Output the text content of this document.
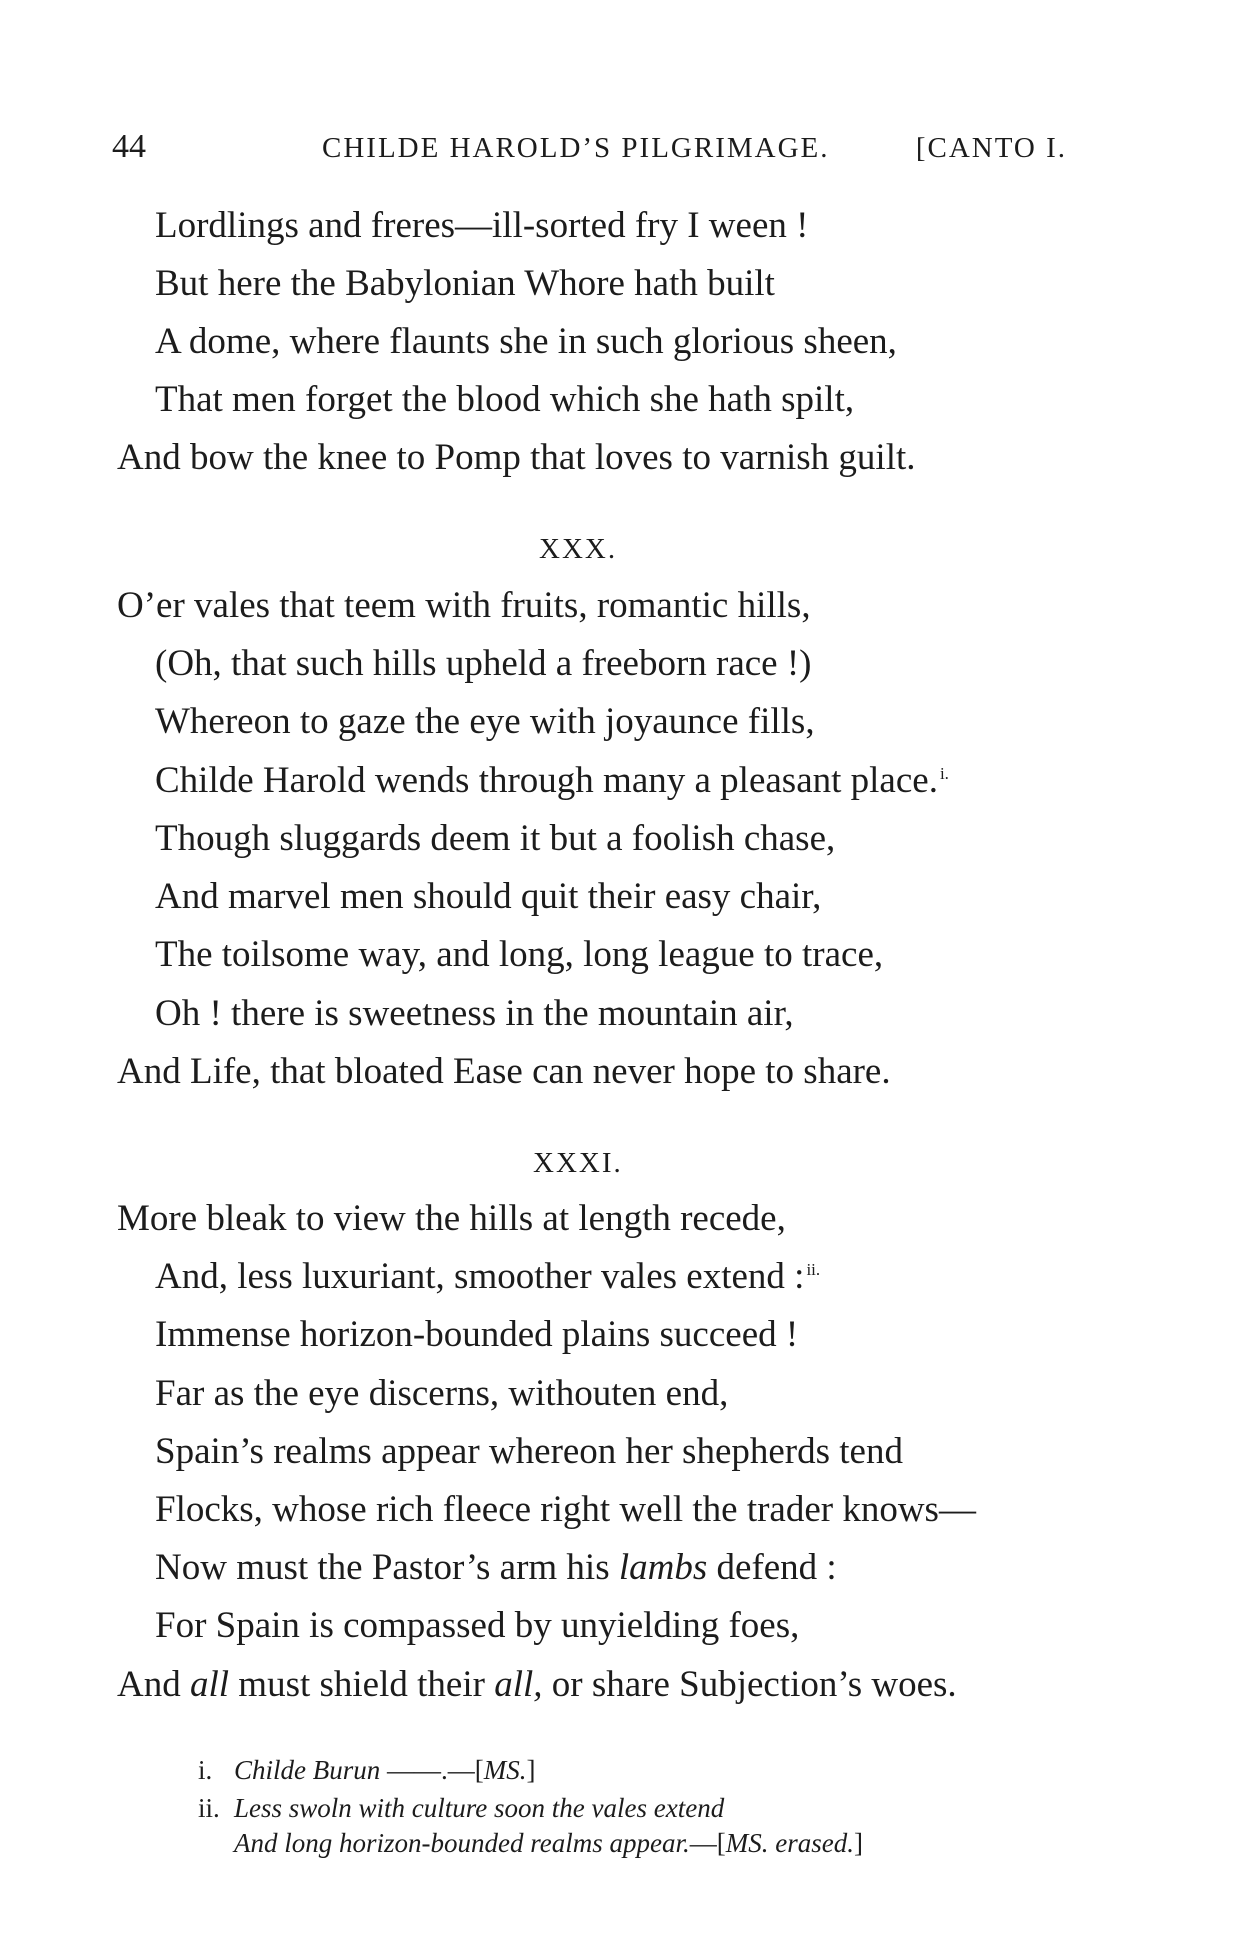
44	CHILDE HAROLD’S PILGRIMAGE.	[CANTO I.
Lordlings and freres—ill-sorted fry I ween !
But here the Babylonian Whore hath built
A dome, where flaunts she in such glorious sheen,
That men forget the blood which she hath spilt,
And bow the knee to Pomp that loves to varnish guilt.
XXX.
O’er vales that teem with fruits, romantic hills,
(Oh, that such hills upheld a freeborn race !)
Whereon to gaze the eye with joyaunce fills,
Childe Harold wends through many a pleasant place. $^{i.}$
Though sluggards deem it but a foolish chase,
And marvel men should quit their easy chair,
The toilsome way, and long, long league to trace,
Oh ! there is sweetness in the mountain air,
And Life, that bloated Ease can never hope to share.
XXXI.
More bleak to view the hills at length recede,
And, less luxuriant, smoother vales extend : $^{ii.}$
Immense horizon-bounded plains succeed !
Far as the eye discerns, withouten end,
Spain’s realms appear whereon her shepherds tend
Flocks, whose rich fleece right well the trader knows—
Now must the Pastor’s arm his lambs defend :
For Spain is compassed by unyielding foes,
And all must shield their all, or share Subjection’s woes.
i. Childe Burun ——.—[MS.]
ii. Less swoln with culture soon the vales extend
And long horizon-bounded realms appear.—[MS. erased.]
